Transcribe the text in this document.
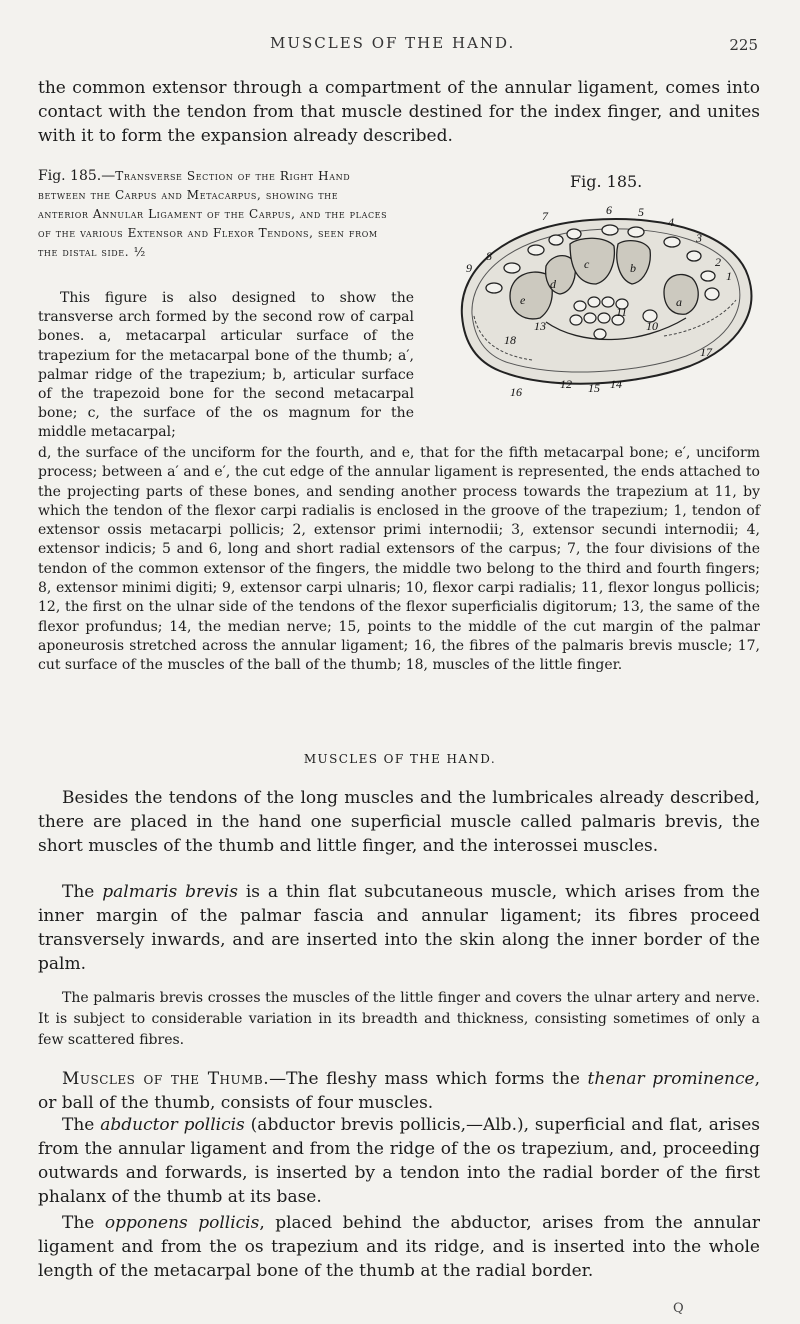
MUSCLES OF THE HAND.	225

the common extensor through a compartment of the annular ligament, comes into contact with the tendon from that muscle destined for the index finger, and unites with it to form the expansion already described.

Fig. 185.—Transverse Section of the Right Hand between the Carpus and Metacarpus, showing the anterior Annular Ligament of the Carpus, and the places of the various Extensor and Flexor Tendons, seen from the distal side. ½

This figure is also designed to show the transverse arch formed by the second row of carpal bones. a, metacarpal articular surface of the trapezium for the metacarpal bone of the thumb; a′, palmar ridge of the trapezium; b, articular surface of the trapezoid bone for the second metacarpal bone; c, the surface of the os magnum for the middle metacarpal;

Fig. 185.
1
2
3
4
5
6
7
8
9
a
b
c
d
e
10
11
12
13
14
15
16
17
18

d, the surface of the unciform for the fourth, and e, that for the fifth metacarpal bone; e′, unciform process; between a′ and e′, the cut edge of the annular ligament is represented, the ends attached to the projecting parts of these bones, and sending another process towards the trapezium at 11, by which the tendon of the flexor carpi radialis is enclosed in the groove of the trapezium; 1, tendon of extensor ossis metacarpi pollicis; 2, extensor primi internodii; 3, extensor secundi internodii; 4, extensor indicis; 5 and 6, long and short radial extensors of the carpus; 7, the four divisions of the tendon of the common extensor of the fingers, the middle two belong to the third and fourth fingers; 8, extensor minimi digiti; 9, extensor carpi ulnaris; 10, flexor carpi radialis; 11, flexor longus pollicis; 12, the first on the ulnar side of the tendons of the flexor superficialis digitorum; 13, the same of the flexor profundus; 14, the median nerve; 15, points to the middle of the cut margin of the palmar aponeurosis stretched across the annular ligament; 16, the fibres of the palmaris brevis muscle; 17, cut surface of the muscles of the ball of the thumb; 18, muscles of the little finger.

MUSCLES OF THE HAND.

Besides the tendons of the long muscles and the lumbricales already described, there are placed in the hand one superficial muscle called palmaris brevis, the short muscles of the thumb and little finger, and the interossei muscles.

The palmaris brevis is a thin flat subcutaneous muscle, which arises from the inner margin of the palmar fascia and annular ligament; its fibres proceed transversely inwards, and are inserted into the skin along the inner border of the palm.

The palmaris brevis crosses the muscles of the little finger and covers the ulnar artery and nerve. It is subject to considerable variation in its breadth and thickness, consisting sometimes of only a few scattered fibres.

Muscles of the Thumb.—The fleshy mass which forms the thenar prominence, or ball of the thumb, consists of four muscles.

The abductor pollicis (abductor brevis pollicis,—Alb.), superficial and flat, arises from the annular ligament and from the ridge of the os trapezium, and, proceeding outwards and forwards, is inserted by a tendon into the radial border of the first phalanx of the thumb at its base.

The opponens pollicis, placed behind the abductor, arises from the annular ligament and from the os trapezium and its ridge, and is inserted into the whole length of the metacarpal bone of the thumb at the radial border.

Q
